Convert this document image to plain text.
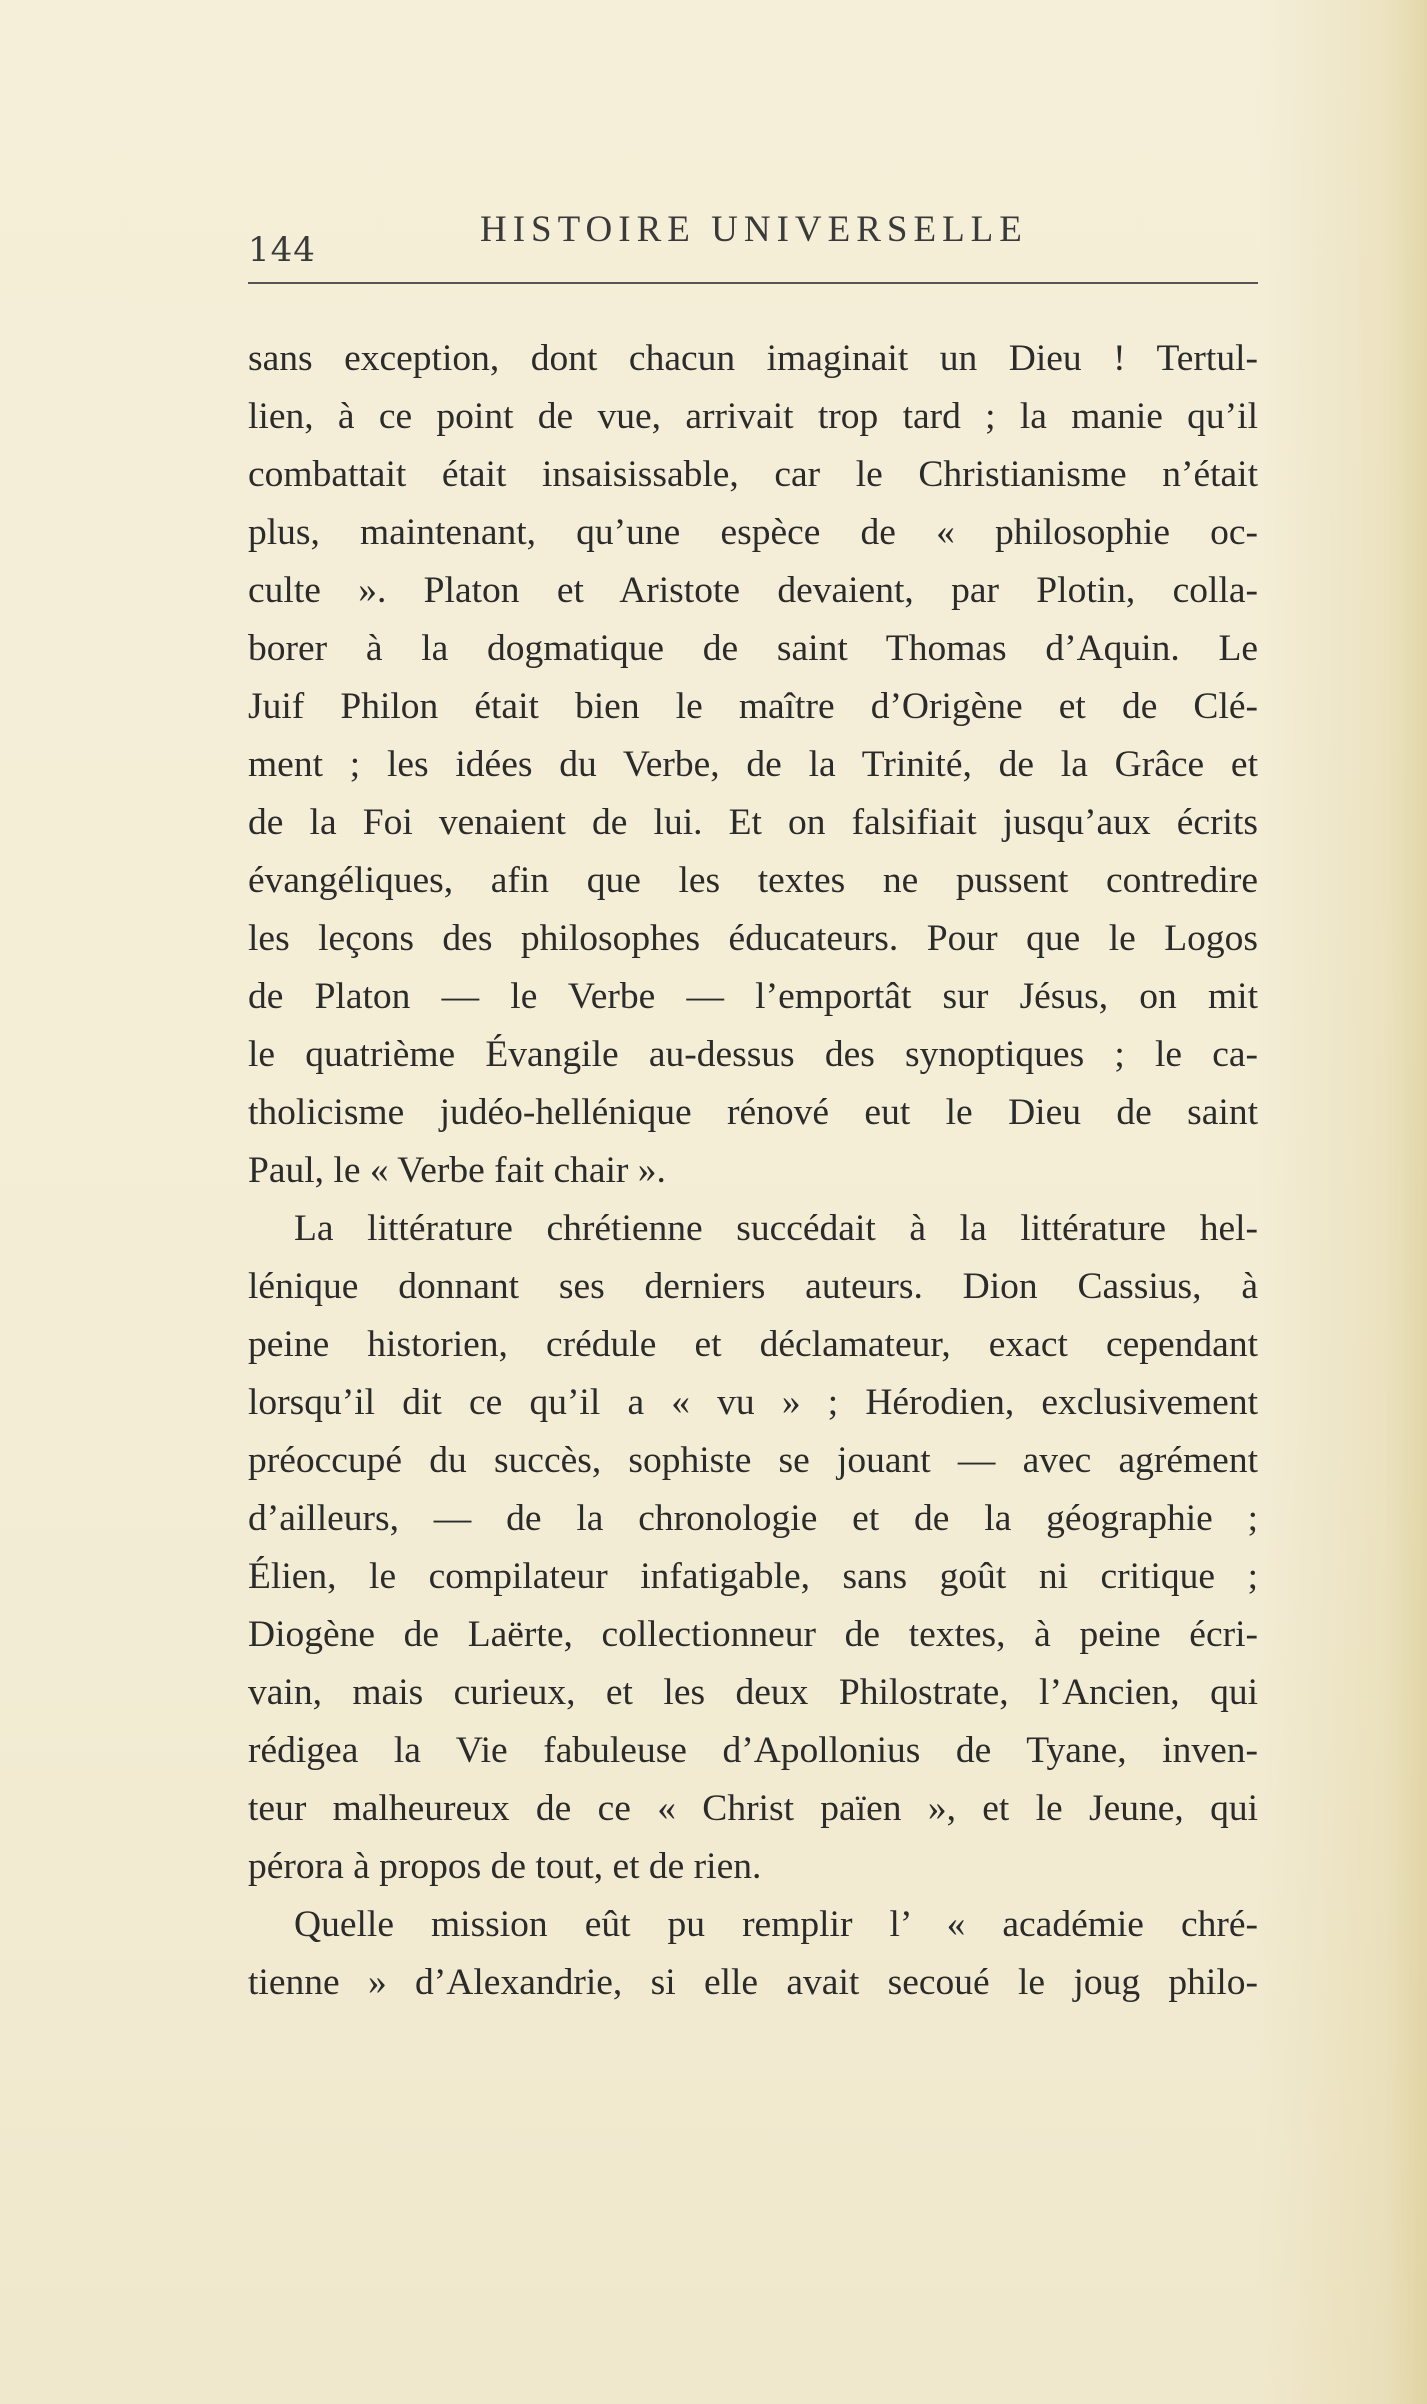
144	HISTOIRE UNIVERSELLE
sans exception, dont chacun imaginait un Dieu ! Tertul-
lien, à ce point de vue, arrivait trop tard ; la manie qu’il
combattait était insaisissable, car le Christianisme n’était
plus, maintenant, qu’une espèce de « philosophie oc-
culte ». Platon et Aristote devaient, par Plotin, colla-
borer à la dogmatique de saint Thomas d’Aquin. Le
Juif Philon était bien le maître d’Origène et de Clé-
ment ; les idées du Verbe, de la Trinité, de la Grâce et
de la Foi venaient de lui. Et on falsifiait jusqu’aux écrits
évangéliques, afin que les textes ne pussent contredire
les leçons des philosophes éducateurs. Pour que le Logos
de Platon — le Verbe — l’emportât sur Jésus, on mit
le quatrième Évangile au-dessus des synoptiques ; le ca-
tholicisme judéo-hellénique rénové eut le Dieu de saint
Paul, le « Verbe fait chair ».
La littérature chrétienne succédait à la littérature hel-
lénique donnant ses derniers auteurs. Dion Cassius, à
peine historien, crédule et déclamateur, exact cependant
lorsqu’il dit ce qu’il a « vu » ; Hérodien, exclusivement
préoccupé du succès, sophiste se jouant — avec agrément
d’ailleurs, — de la chronologie et de la géographie ;
Élien, le compilateur infatigable, sans goût ni critique ;
Diogène de Laërte, collectionneur de textes, à peine écri-
vain, mais curieux, et les deux Philostrate, l’Ancien, qui
rédigea la Vie fabuleuse d’Apollonius de Tyane, inven-
teur malheureux de ce « Christ païen », et le Jeune, qui
pérora à propos de tout, et de rien.
Quelle mission eût pu remplir l’ « académie chré-
tienne » d’Alexandrie, si elle avait secoué le joug philo-
